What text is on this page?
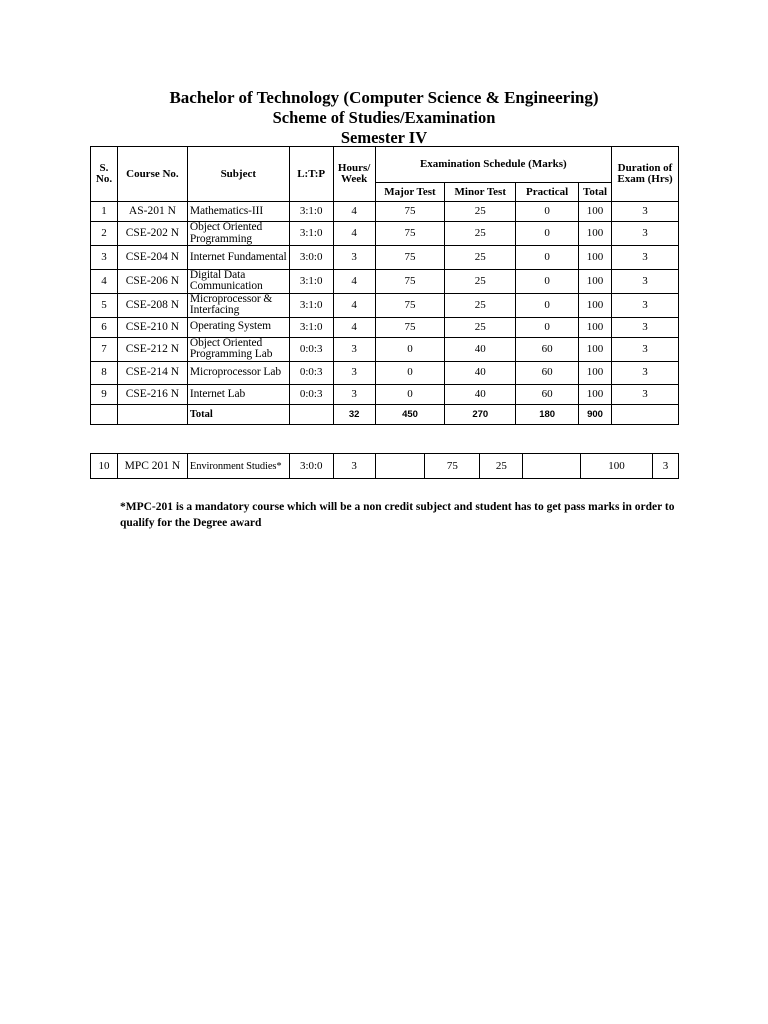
Bachelor of Technology (Computer Science & Engineering)
Scheme of Studies/Examination
Semester IV
S. No.	Course No.	Subject	L:T:P	Hours/ Week	Examination Schedule (Marks)				Duration of Exam (Hrs)
					Major Test	Minor Test	Practical	Total	
1	AS-201 N	Mathematics-III	3:1:0	4	75	25	0	100	3
2	CSE-202 N	Object Oriented Programming	3:1:0	4	75	25	0	100	3
3	CSE-204 N	Internet Fundamental	3:0:0	3	75	25	0	100	3
4	CSE-206 N	Digital Data Communication	3:1:0	4	75	25	0	100	3
5	CSE-208 N	Microprocessor & Interfacing	3:1:0	4	75	25	0	100	3
6	CSE-210 N	Operating System	3:1:0	4	75	25	0	100	3
7	CSE-212 N	Object Oriented Programming Lab	0:0:3	3	0	40	60	100	3
8	CSE-214 N	Microprocessor Lab	0:0:3	3	0	40	60	100	3
9	CSE-216 N	Internet Lab	0:0:3	3	0	40	60	100	3
		Total		32	450	270	180	900	
10	MPC 201 N	Environment Studies*	3:0:0	3		75	25		100	3
*MPC-201 is a mandatory course which will be a non credit subject and student has to get pass marks in order to qualify for the Degree award
